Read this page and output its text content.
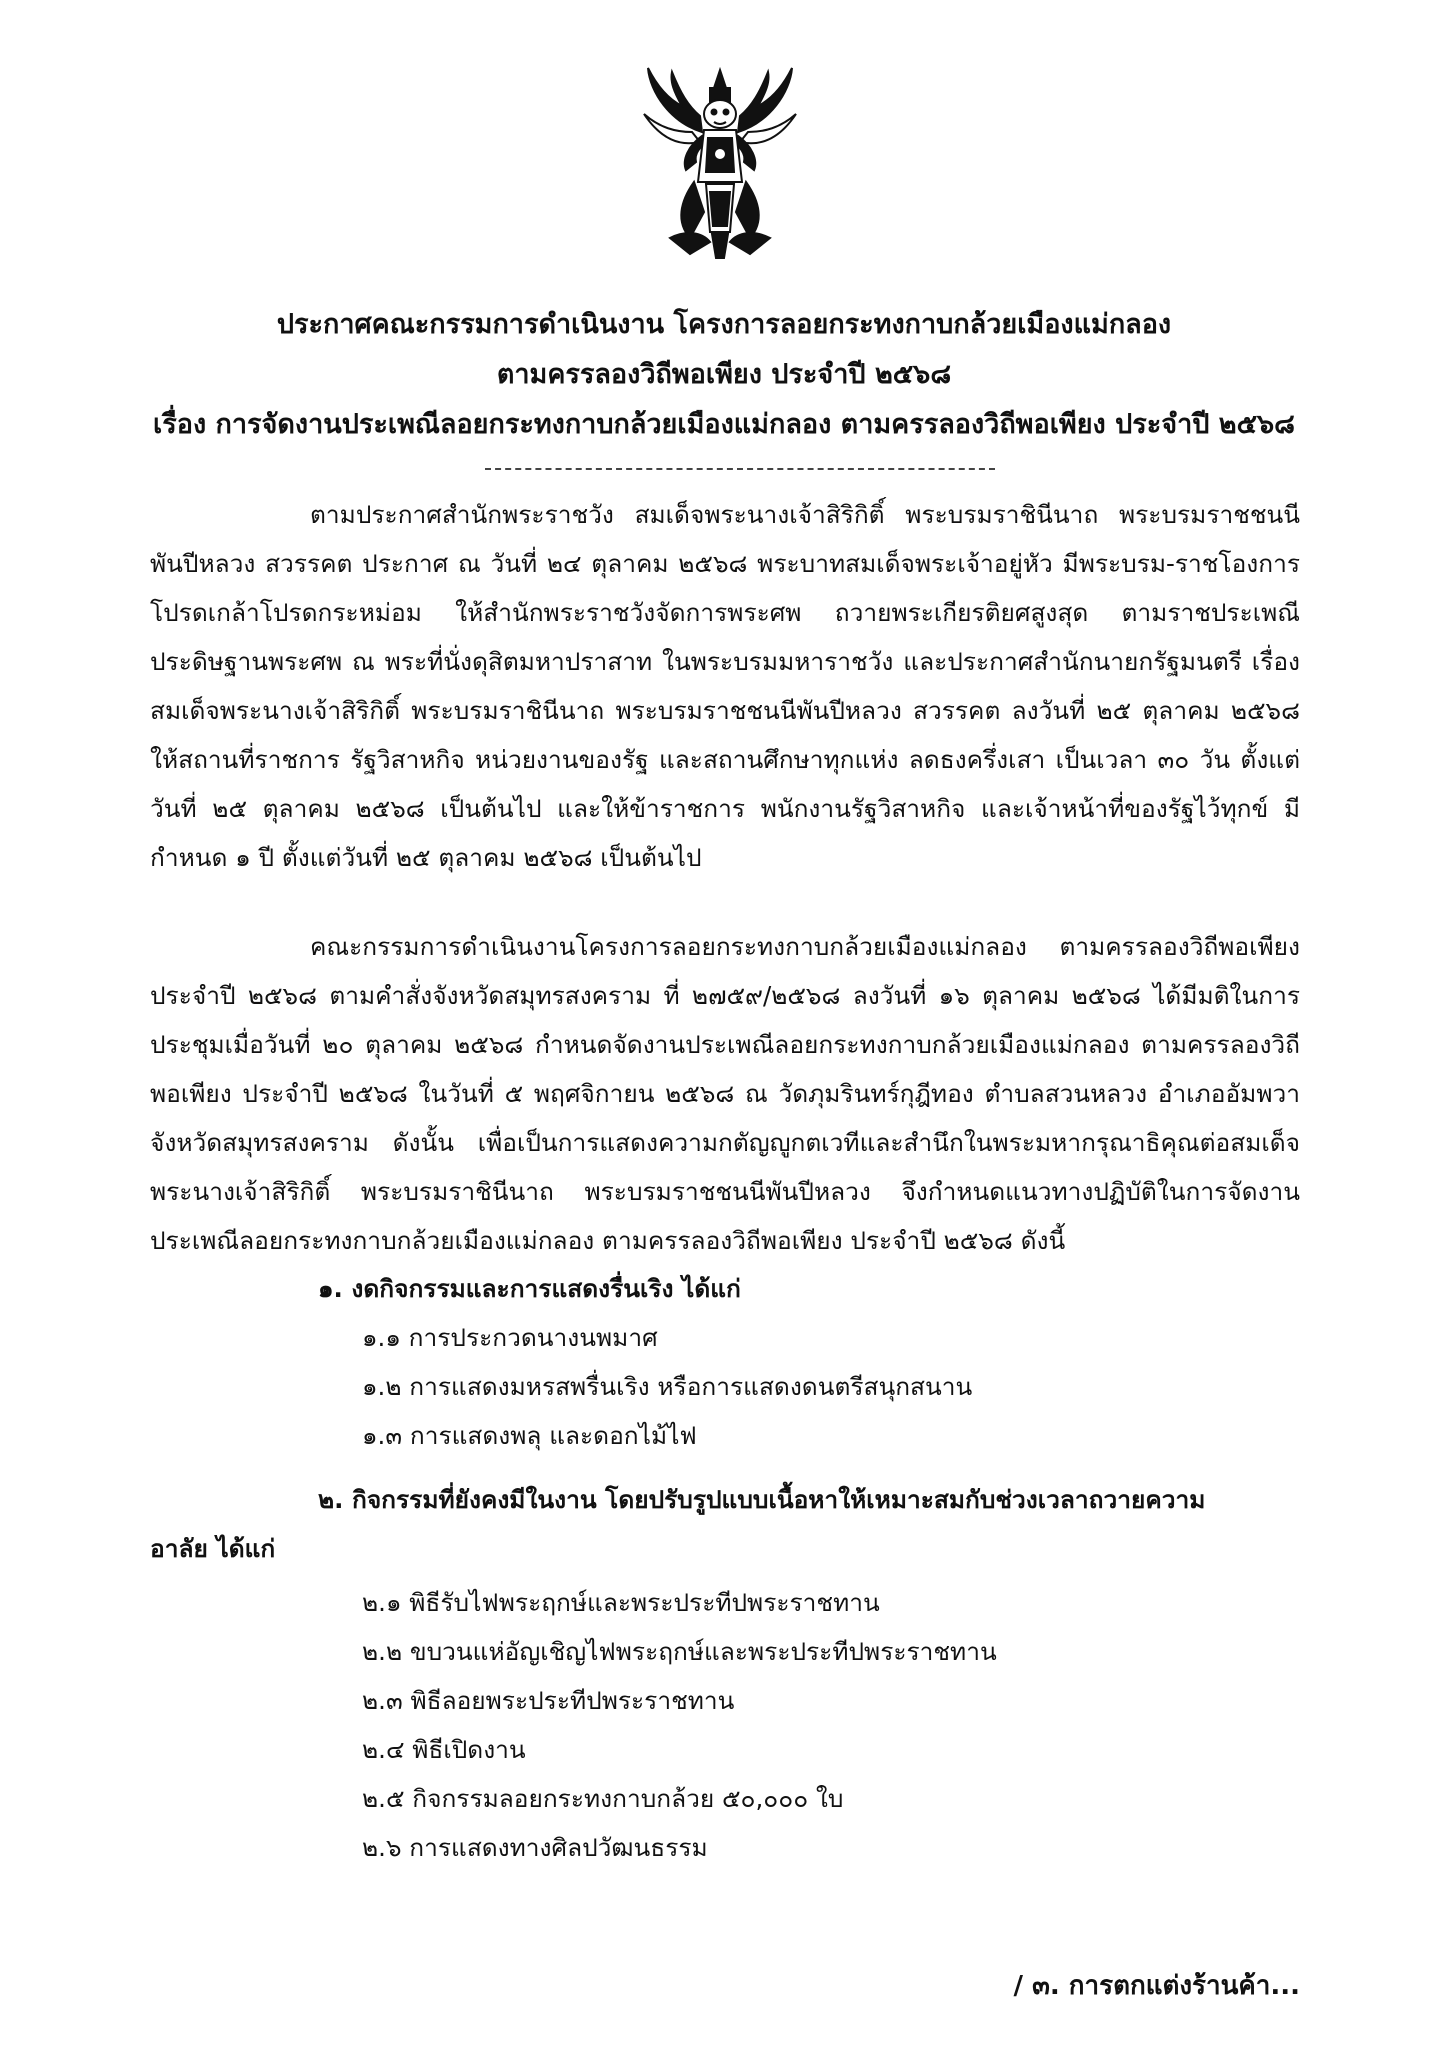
ประกาศคณะกรรมการดำเนินงาน โครงการลอยกระทงกาบกล้วยเมืองแม่กลอง
ตามครรลองวิถีพอเพียง ประจำปี ๒๕๖๘
เรื่อง การจัดงานประเพณีลอยกระทงกาบกล้วยเมืองแม่กลอง ตามครรลองวิถีพอเพียง ประจำปี ๒๕๖๘

ตามประกาศสำนักพระราชวัง สมเด็จพระนางเจ้าสิริกิติ์ พระบรมราชินีนาถ พระบรมราชชนนีพันปีหลวง สวรรคต ประกาศ ณ วันที่ ๒๔ ตุลาคม ๒๕๖๘ พระบาทสมเด็จพระเจ้าอยู่หัว มีพระบรม-ราชโองการโปรดเกล้าโปรดกระหม่อม ให้สำนักพระราชวังจัดการพระศพ ถวายพระเกียรติยศสูงสุด ตามราชประเพณี ประดิษฐานพระศพ ณ พระที่นั่งดุสิตมหาปราสาท ในพระบรมมหาราชวัง และประกาศสำนักนายกรัฐมนตรี เรื่อง สมเด็จพระนางเจ้าสิริกิติ์ พระบรมราชินีนาถ พระบรมราชชนนีพันปีหลวง สวรรคต ลงวันที่ ๒๕ ตุลาคม ๒๕๖๘ ให้สถานที่ราชการ รัฐวิสาหกิจ หน่วยงานของรัฐ และสถานศึกษาทุกแห่ง ลดธงครึ่งเสา เป็นเวลา ๓๐ วัน ตั้งแต่วันที่ ๒๕ ตุลาคม ๒๕๖๘ เป็นต้นไป และให้ข้าราชการ พนักงานรัฐวิสาหกิจ และเจ้าหน้าที่ของรัฐไว้ทุกข์ มีกำหนด ๑ ปี ตั้งแต่วันที่ ๒๕ ตุลาคม ๒๕๖๘ เป็นต้นไป

คณะกรรมการดำเนินงานโครงการลอยกระทงกาบกล้วยเมืองแม่กลอง ตามครรลองวิถีพอเพียง ประจำปี ๒๕๖๘ ตามคำสั่งจังหวัดสมุทรสงคราม ที่ ๒๗๕๙/๒๕๖๘ ลงวันที่ ๑๖ ตุลาคม ๒๕๖๘ ได้มีมติในการประชุมเมื่อวันที่ ๒๐ ตุลาคม ๒๕๖๘ กำหนดจัดงานประเพณีลอยกระทงกาบกล้วยเมืองแม่กลอง ตามครรลองวิถีพอเพียง ประจำปี ๒๕๖๘ ในวันที่ ๕ พฤศจิกายน ๒๕๖๘ ณ วัดภุมรินทร์กุฎีทอง ตำบลสวนหลวง อำเภออัมพวา จังหวัดสมุทรสงคราม ดังนั้น เพื่อเป็นการแสดงความกตัญญูกตเวทีและสำนึกในพระมหากรุณาธิคุณต่อสมเด็จพระนางเจ้าสิริกิติ์ พระบรมราชินีนาถ พระบรมราชชนนีพันปีหลวง จึงกำหนดแนวทางปฏิบัติในการจัดงานประเพณีลอยกระทงกาบกล้วยเมืองแม่กลอง ตามครรลองวิถีพอเพียง ประจำปี ๒๕๖๘ ดังนี้

๑. งดกิจกรรมและการแสดงรื่นเริง ได้แก่
๑.๑ การประกวดนางนพมาศ
๑.๒ การแสดงมหรสพรื่นเริง หรือการแสดงดนตรีสนุกสนาน
๑.๓ การแสดงพลุ และดอกไม้ไฟ
๒. กิจกรรมที่ยังคงมีในงาน โดยปรับรูปแบบเนื้อหาให้เหมาะสมกับช่วงเวลาถวายความ
อาลัย ได้แก่
๒.๑ พิธีรับไฟพระฤกษ์และพระประทีปพระราชทาน
๒.๒ ขบวนแห่อัญเชิญไฟพระฤกษ์และพระประทีปพระราชทาน
๒.๓ พิธีลอยพระประทีปพระราชทาน
๒.๔ พิธีเปิดงาน
๒.๕ กิจกรรมลอยกระทงกาบกล้วย ๕๐,๐๐๐ ใบ
๒.๖ การแสดงทางศิลปวัฒนธรรม
/ ๓. การตกแต่งร้านค้า...
